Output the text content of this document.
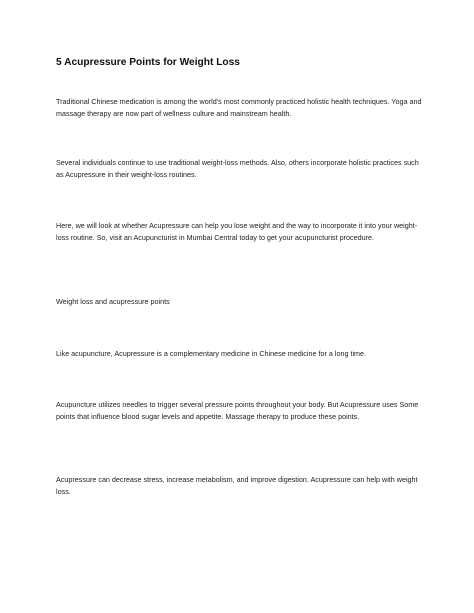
5 Acupressure Points for Weight Loss

Traditional Chinese medication is among the world's most commonly practiced holistic health techniques. Yoga and massage therapy are now part of wellness culture and mainstream health.

Several individuals continue to use traditional weight-loss methods. Also, others incorporate holistic practices such as Acupressure in their weight-loss routines.

Here, we will look at whether Acupressure can help you lose weight and the way to incorporate it into your weight-loss routine. So, visit an Acupuncturist in Mumbai Central today to get your acupuncturist procedure.

Weight loss and acupressure points

Like acupuncture, Acupressure is a complementary medicine in Chinese medicine for a long time.

Acupuncture utilizes needles to trigger several pressure points throughout your body. But Acupressure uses Some points that influence blood sugar levels and appetite. Massage therapy to produce these points.

Acupressure can decrease stress, increase metabolism, and improve digestion. Acupressure can help with weight loss.
